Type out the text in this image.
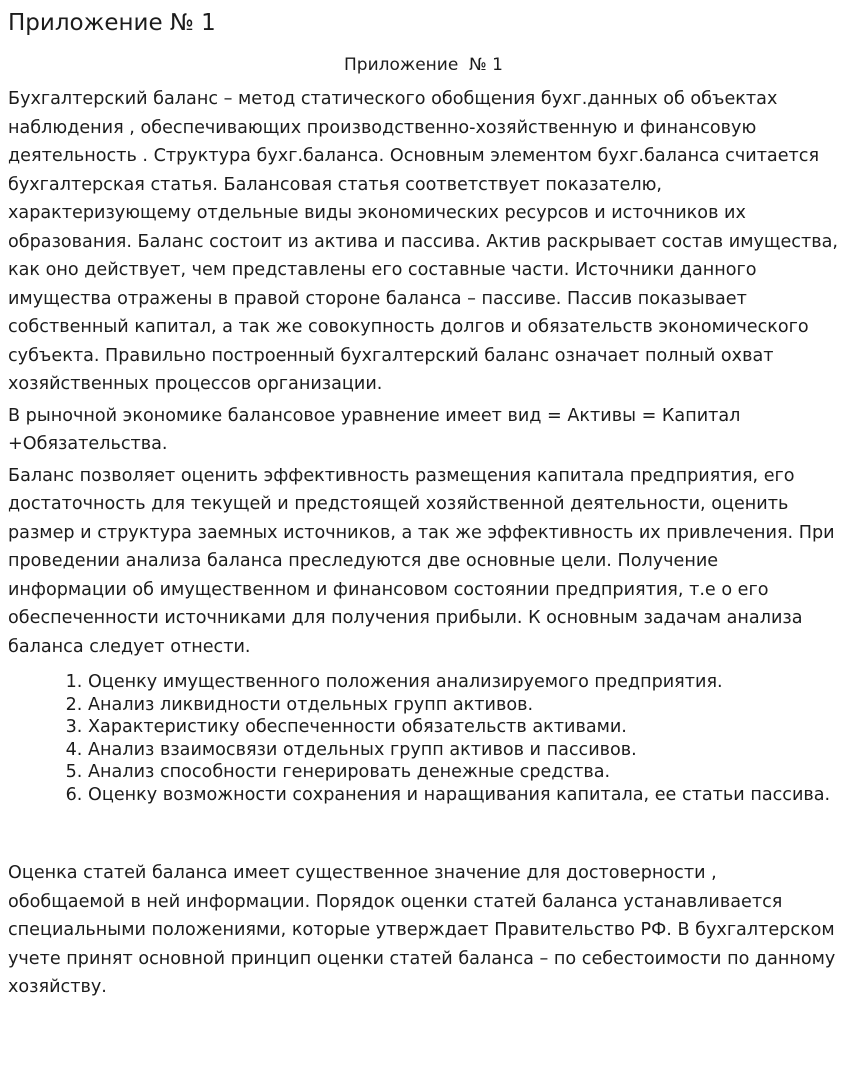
Приложение № 1
Приложение  № 1

Бухгалтерский баланс – метод статического обобщения бухг.данных об объектах наблюдения , обеспечивающих производственно-хозяйственную и финансовую деятельность . Структура бухг.баланса. Основным элементом бухг.баланса считается бухгалтерская статья. Балансовая статья соответствует показателю, характеризующему отдельные виды экономических ресурсов и источников их образования. Баланс состоит из актива и пассива. Актив раскрывает состав имущества, как оно действует, чем представлены его составные части. Источники данного имущества отражены в правой стороне баланса – пассиве. Пассив показывает собственный капитал, а так же совокупность долгов и обязательств экономического субъекта. Правильно построенный бухгалтерский баланс означает полный охват хозяйственных процессов организации.

В рыночной экономике балансовое уравнение имеет вид = Активы = Капитал +Обязательства.

Баланс позволяет оценить эффективность размещения капитала предприятия, его достаточность для текущей и предстоящей хозяйственной деятельности, оценить размер и структура заемных источников, а так же эффективность их привлечения. При проведении анализа баланса преследуются две основные цели. Получение информации об имущественном и финансовом состоянии предприятия, т.е о его обеспеченности источниками для получения прибыли. К основным задачам анализа баланса следует отнести.

1. Оценку имущественного положения анализируемого предприятия.
2. Анализ ликвидности отдельных групп активов.
3. Характеристику обеспеченности обязательств активами.
4. Анализ взаимосвязи отдельных групп активов и пассивов.
5. Анализ способности генерировать денежные средства.
6. Оценку возможности сохранения и наращивания капитала, ее статьи пассива.

Оценка статей баланса имеет существенное значение для достоверности , обобщаемой в ней информации. Порядок оценки статей баланса устанавливается специальными положениями, которые утверждает Правительство РФ. В бухгалтерском учете принят основной принцип оценки статей баланса – по себестоимости по данному хозяйству.
